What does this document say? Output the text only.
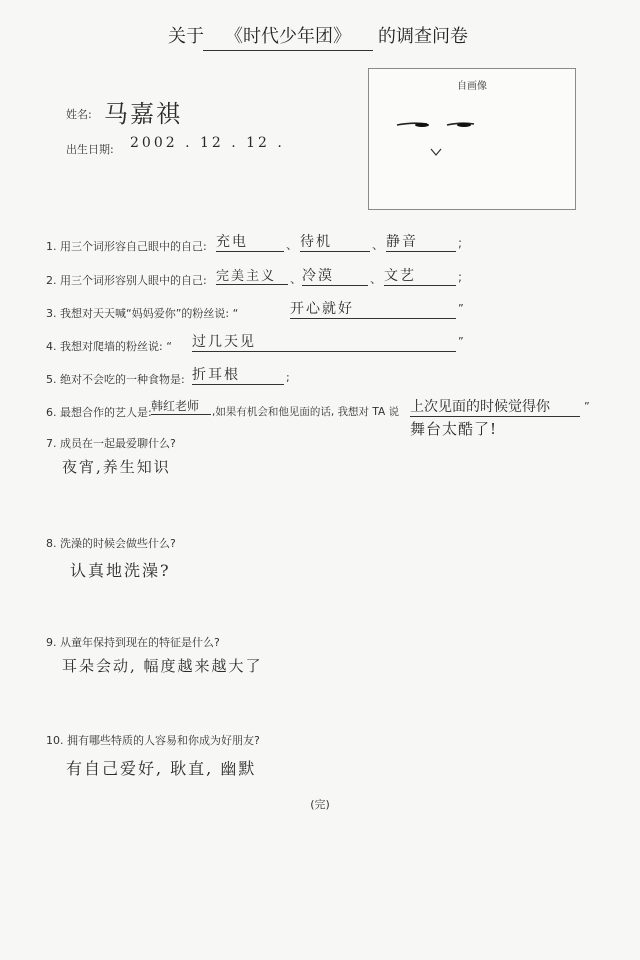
关于	《时代少年团》	的调查问卷
姓名: 马嘉祺
出生日期: 2002 . 12 . 12 .
自画像
1. 用三个词形容自己眼中的自己: 充电	、 待机	、 静音	;
2. 用三个词形容别人眼中的自己: 完美主义	、 冷漠	、 文艺	;
3. 我想对天天喊“妈妈爱你”的粉丝说: “	开心就好	”
4. 我想对爬墙的粉丝说: “ 过几天见	”
5. 绝对不会吃的一种食物是: 折耳根	;
6. 最想合作的艺人是: 韩红老师	,如果有机会和他见面的话, 我想对 TA 说 上次见面的时候觉得你	”
舞台太酷了!
7. 成员在一起最爱聊什么?
夜宵,养生知识
8. 洗澡的时候会做些什么?
认真地洗澡?
9. 从童年保持到现在的特征是什么?
耳朵会动, 幅度越来越大了
10. 拥有哪些特质的人容易和你成为好朋友?
有自己爱好, 耿直, 幽默
(完)
